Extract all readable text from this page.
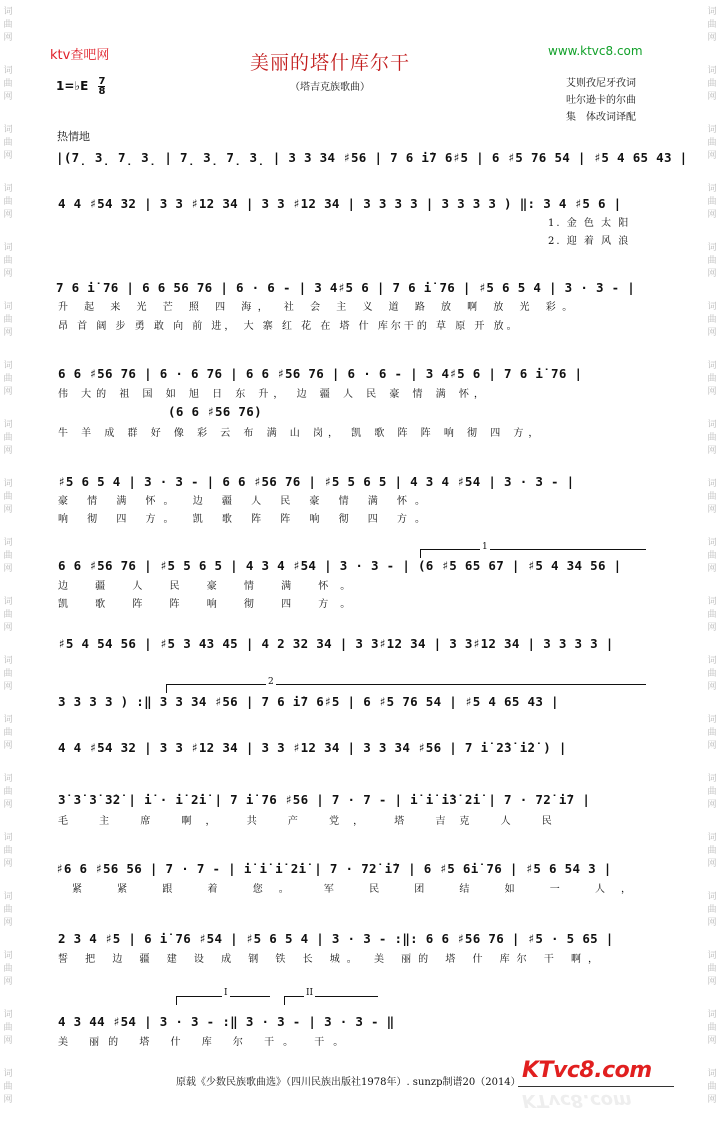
词
曲
网
词
曲
网
词
曲
网
词
曲
网
词
曲
网
词
曲
网
词
曲
网
词
曲
网
词
曲
网
词
曲
网
词
曲
网
词
曲
网
词
曲
网
词
曲
网
词
曲
网
词
曲
网
词
曲
网
词
曲
网
词
曲
网
词
曲
网
词
曲
网
词
曲
网
词
曲
网
词
曲
网
词
曲
网
词
曲
网
词
曲
网
词
曲
网
词
曲
网
词
曲
网
词
曲
网
词
曲
网
词
曲
网
词
曲
网
词
曲
网
词
曲
网
词
曲
网
词
曲
网
ktv查吧网	美丽的塔什库尔干
www.ktvc8.com
（塔吉克族歌曲）
1=♭E $\frac{7}{8}$	艾则孜尼牙孜词
吐尔逊卡的尔曲
集　体改词译配
热情地
|(7̣ 3̣ 7̣ 3̣ | 7̣ 3̣ 7̣ 3̣ | 3 3 34 ♯56 | 7 6 i̇7 6♯5 | 6 ♯5 76 54 | ♯5 4 65 43 |
4 4 ♯54 32 | 3 3 ♯12 34 | 3 3 ♯12 34 | 3 3 3 3 | 3 3 3 3 ) ‖: 3 4 ♯5 6 |
1. 金 色 太 阳
2. 迎 着 风 浪
7 6 i̇ 76 | 6 6 56 76 | 6 · 6 - | 3 4♯5 6 | 7 6 i̇ 76 | ♯5 6 5 4 | 3 · 3 - |
升 起 来 光 芒 照 四 海， 社 会 主 义 道 路 放 啊 放 光 彩。
昂 首 阔 步 勇 敢 向 前 进， 大 寨 红 花 在 塔 什 库尔干的 草 原 开 放。
6 6 ♯56 76 | 6 · 6 76 | 6 6 ♯56 76 | 6 · 6 - | 3 4♯5 6 | 7 6 i̇ 76 |
伟 大的 祖 国 如 旭 日 东 升， 边 疆 人 民 豪 情 满 怀，
(6 6 ♯56 76)
牛 羊 成 群 好 像 彩 云 布 满 山 岗， 凯 歌 阵 阵 响 彻 四 方，
♯5 6 5 4 | 3 · 3 - | 6 6 ♯56 76 | ♯5 5 6 5 | 4 3 4 ♯54 | 3 · 3 - |
豪 情 满 怀。 边 疆 人 民 豪 情 满 怀。
响 彻 四 方。 凯 歌 阵 阵 响 彻 四 方。
1
6 6 ♯56 76 | ♯5 5 6 5 | 4 3 4 ♯54 | 3 · 3 - | (6 ♯5 65 67 | ♯5 4 34 56 |
边 疆 人 民 豪 情 满 怀。
凯 歌 阵 阵 响 彻 四 方。
♯5 4 54 56 | ♯5 3 43 45 | 4 2 32 34 | 3 3♯12 34 | 3 3♯12 34 | 3 3 3 3 |
2
3 3 3 3 ) :‖ 3 3 34 ♯56 | 7 6 i̇7 6♯5 | 6 ♯5 76 54 | ♯5 4 65 43 |
4 4 ♯54 32 | 3 3 ♯12 34 | 3 3 ♯12 34 | 3 3 34 ♯56 | 7 i̇ 2̇3̇ i̇2̇ ) |
3̇ 3̇ 3̇ 3̇2̇ | i̇ · i̇ 2̇i̇ | 7 i̇ 76 ♯56 | 7 · 7 - | i̇ i̇ i̇3̇ 2̇i̇ | 7 · 72̇ i̇7 |
毛 主 席 啊， 共 产 党， 塔 吉克 人 民
♯6 6 ♯56 56 | 7 · 7 - | i̇ i̇ i̇ 2̇i̇ | 7 · 72̇ i̇7 | 6 ♯5 6i̇ 76 | ♯5 6 54 3 |
紧 紧 跟 着 您。 军 民 团 结 如 一 人，
2 3 4 ♯5 | 6 i̇ 76 ♯54 | ♯5 6 5 4 | 3 · 3 - :‖: 6 6 ♯56 76 | ♯5 · 5 65 |
誓 把 边 疆 建 设 成 钢 铁 长 城。 美 丽的 塔 什 库尔 干 啊，
I	II
4 3 44 ♯54 | 3 · 3 - :‖ 3 · 3 - | 3 · 3 - ‖
美 丽的 塔 什 库 尔 干。 干。
原载《少数民族歌曲选》（四川民族出版社1978年）. sunzp制谱20（2014） KTvc8.com
KTvc8.com
